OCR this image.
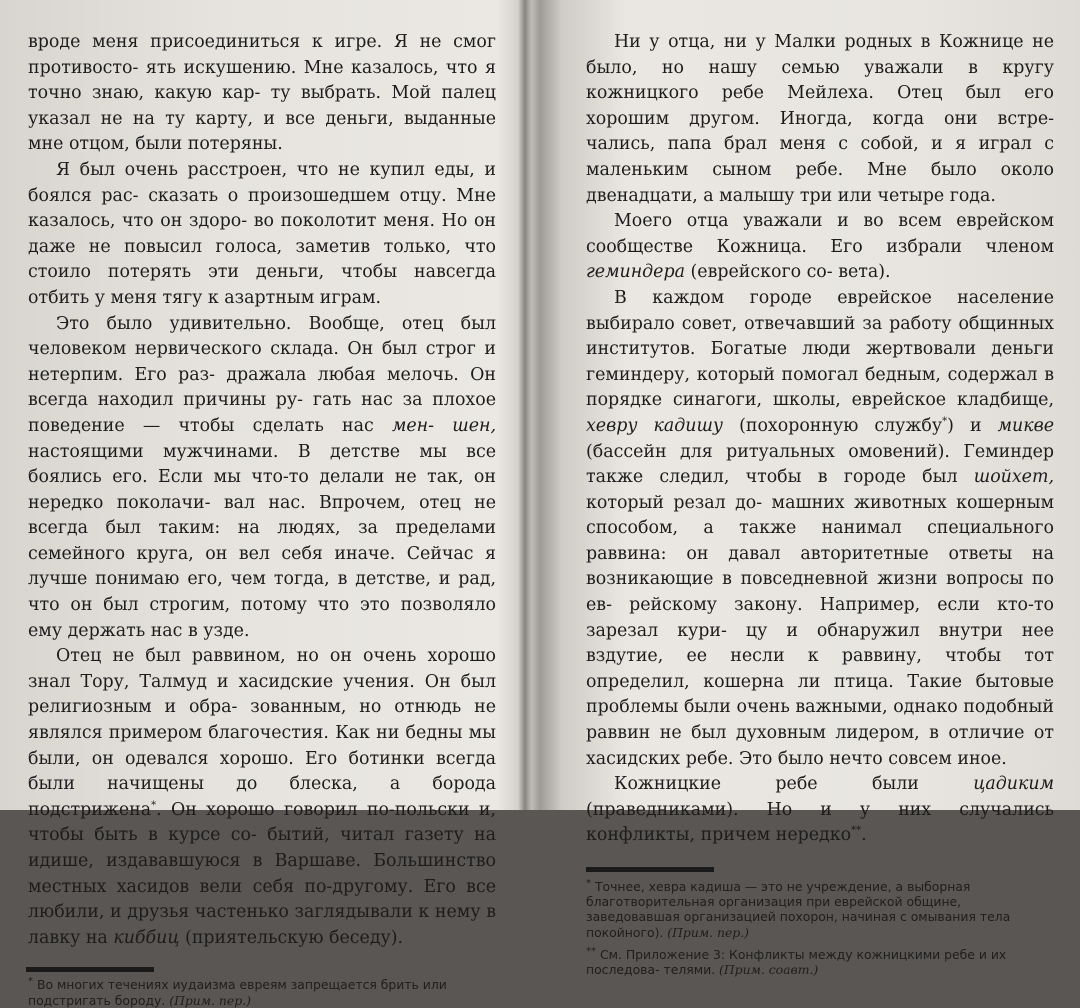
вроде меня присоединиться к игре. Я не смог противосто- ять искушению. Мне казалось, что я точно знаю, какую кар- ту выбрать. Мой палец указал не на ту карту, и все деньги, выданные мне отцом, были потеряны.

Я был очень расстроен, что не купил еды, и боялся рас- сказать о произошедшем отцу. Мне казалось, что он здоро- во поколотит меня. Но он даже не повысил голоса, заметив только, что стоило потерять эти деньги, чтобы навсегда отбить у меня тягу к азартным играм.

Это было удивительно. Вообще, отец был человеком нервического склада. Он был строг и нетерпим. Его раз- дражала любая мелочь. Он всегда находил причины ру- гать нас за плохое поведение — чтобы сделать нас мен- шен, настоящими мужчинами. В детстве мы все боялись его. Если мы что-то делали не так, он нередко поколачи- вал нас. Впрочем, отец не всегда был таким: на людях, за пределами семейного круга, он вел себя иначе. Сейчас я лучше понимаю его, чем тогда, в детстве, и рад, что он был строгим, потому что это позволяло ему держать нас в узде.

Отец не был раввином, но он очень хорошо знал Тору, Талмуд и хасидские учения. Он был религиозным и обра- зованным, но отнюдь не являлся примером благочестия. Как ни бедны мы были, он одевался хорошо. Его ботинки всегда были начищены до блеска, а борода подстрижена*. Он хорошо говорил по-польски и, чтобы быть в курсе со- бытий, читал газету на идише, издававшуюся в Варшаве. Большинство местных хасидов вели себя по-другому. Его все любили, и друзья частенько заглядывали к нему в лавку на киббиц (приятельскую беседу).

* Во многих течениях иудаизма евреям запрещается брить или подстригать бороду. (Прим. пер.)

Ни у отца, ни у Малки родных в Кожнице не было, но нашу семью уважали в кругу кожницкого ребе Мейлеха. Отец был его хорошим другом. Иногда, когда они встре- чались, папа брал меня с собой, и я играл с маленьким сыном ребе. Мне было около двенадцати, а малышу три или четыре года.

Моего отца уважали и во всем еврейском сообществе Кожница. Его избрали членом геминдера (еврейского со- вета).

В каждом городе еврейское население выбирало совет, отвечавший за работу общинных институтов. Богатые люди жертвовали деньги геминдеру, который помогал бедным, содержал в порядке синагоги, школы, еврейское кладбище, хевру кадишу (похоронную службу*) и микве (бассейн для ритуальных омовений). Геминдер также следил, чтобы в городе был шойхет, который резал до- машних животных кошерным способом, а также нанимал специального раввина: он давал авторитетные ответы на возникающие в повседневной жизни вопросы по ев- рейскому закону. Например, если кто-то зарезал кури- цу и обнаружил внутри нее вздутие, ее несли к раввину, чтобы тот определил, кошерна ли птица. Такие бытовые проблемы были очень важными, однако подобный раввин не был духовным лидером, в отличие от хасидских ребе. Это было нечто совсем иное.

Кожницкие ребе были цадиким (праведниками). Но и у них случались конфликты, причем нередко**.

* Точнее, хевра кадиша — это не учреждение, а выборная благотворительная организация при еврейской общине, заведовавшая организацией похорон, начиная с омывания тела покойного). (Прим. пер.)

** См. Приложение 3: Конфликты между кожницкими ребе и их последова- телями. (Прим. соавт.)
